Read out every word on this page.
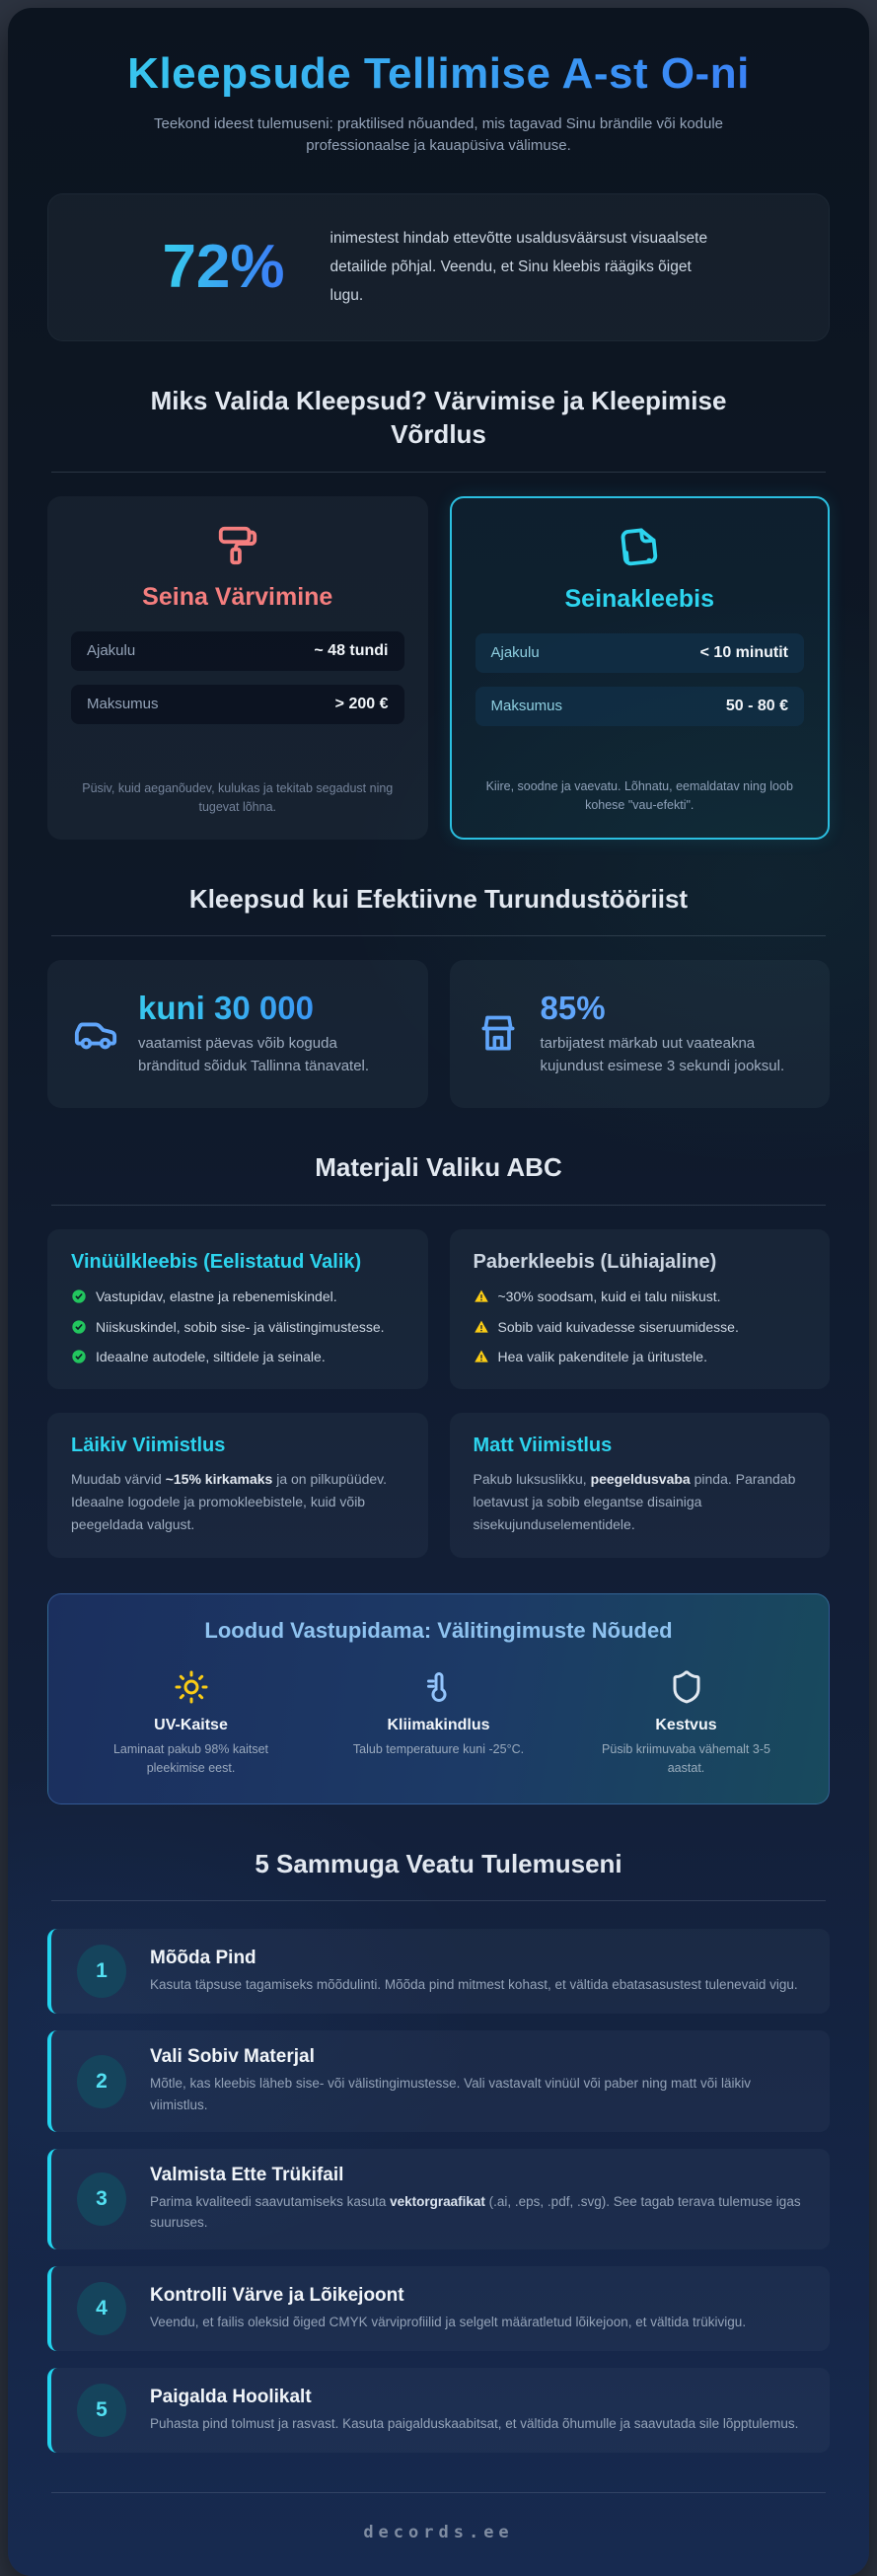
Kleepsude Tellimise A-st O-ni

Teekond ideest tulemuseni: praktilised nõuanded, mis tagavad Sinu brändile või kodule professionaalse ja kauapüsiva välimuse.

72%	inimestest hindab ettevõtte usaldusväärsust visuaalsete detailide põhjal. Veendu, et Sinu kleebis räägiks õiget lugu.

Miks Valida Kleepsud? Värvimise ja Kleepimise Võrdlus
Seina Värvimine
Ajakulu	~ 48 tundi
Maksumus	> 200 €

Püsiv, kuid aeganõudev, kulukas ja tekitab segadust ning tugevat lõhna.

Seinakleebis
Ajakulu	< 10 minutit
Maksumus	50 - 80 €

Kiire, soodne ja vaevatu. Lõhnatu, eemaldatav ning loob kohese "vau-efekti".

Kleepsud kui Efektiivne Turundustööriist
kuni 30 000

vaatamist päevas võib koguda bränditud sõiduk Tallinna tänavatel.

85%

tarbijatest märkab uut vaateakna kujundust esimese 3 sekundi jooksul.

Materjali Valiku ABC
Vinüülkleebis (Eelistatud Valik)
Vastupidav, elastne ja rebenemiskindel.
Niiskuskindel, sobib sise- ja välistingimustesse.
Ideaalne autodele, siltidele ja seinale.
Paberkleebis (Lühiajaline)
~30% soodsam, kuid ei talu niiskust.
Sobib vaid kuivadesse siseruumidesse.
Hea valik pakenditele ja üritustele.
Läikiv Viimistlus

Muudab värvid ~15% kirkamaks ja on pilkupüüdev. Ideaalne logodele ja promokleebistele, kuid võib peegeldada valgust.

Matt Viimistlus

Pakub luksuslikku, peegeldusvaba pinda. Parandab loetavust ja sobib elegantse disainiga sisekujunduselementidele.

Loodud Vastupidama: Välitingimuste Nõuded
UV-Kaitse

Laminaat pakub 98% kaitset pleekimise eest.

Kliimakindlus

Talub temperatuure kuni -25°C.

Kestvus

Püsib kriimuvaba vähemalt 3-5 aastat.

5 Sammuga Veatu Tulemuseni
1
Mõõda Pind

Kasuta täpsuse tagamiseks mõõdulinti. Mõõda pind mitmest kohast, et vältida ebatasasustest tulenevaid vigu.

2
Vali Sobiv Materjal

Mõtle, kas kleebis läheb sise- või välistingimustesse. Vali vastavalt vinüül või paber ning matt või läikiv viimistlus.

3
Valmista Ette Trükifail

Parima kvaliteedi saavutamiseks kasuta vektorgraafikat (.ai, .eps, .pdf, .svg). See tagab terava tulemuse igas suuruses.

4
Kontrolli Värve ja Lõikejoont

Veendu, et failis oleksid õiged CMYK värviprofiilid ja selgelt määratletud lõikejoon, et vältida trükivigu.

5
Paigalda Hoolikalt

Puhasta pind tolmust ja rasvast. Kasuta paigalduskaabitsat, et vältida õhumulle ja saavutada sile lõpptulemus.

decords.ee
